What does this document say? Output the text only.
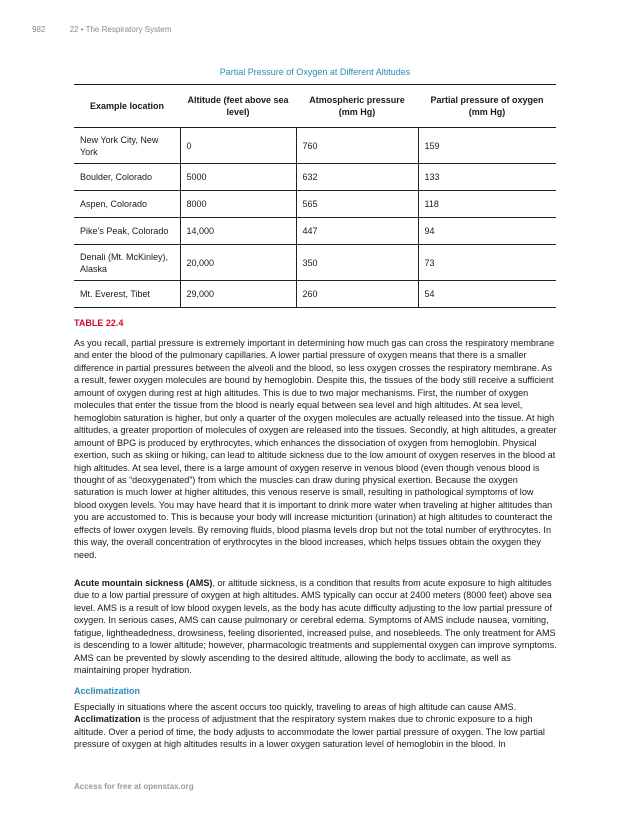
982	22 • The Respiratory System
Partial Pressure of Oxygen at Different Altitudes
Example location	Altitude (feet above sea level)	Atmospheric pressure (mm Hg)	Partial pressure of oxygen (mm Hg)
New York City, New York	0	760	159
Boulder, Colorado	5000	632	133
Aspen, Colorado	8000	565	118
Pike’s Peak, Colorado	14,000	447	94
Denali (Mt. McKinley), Alaska	20,000	350	73
Mt. Everest, Tibet	29,000	260	54
TABLE 22.4

As you recall, partial pressure is extremely important in determining how much gas can cross the respiratory membrane and enter the blood of the pulmonary capillaries. A lower partial pressure of oxygen means that there is a smaller difference in partial pressures between the alveoli and the blood, so less oxygen crosses the respiratory membrane. As a result, fewer oxygen molecules are bound by hemoglobin. Despite this, the tissues of the body still receive a sufficient amount of oxygen during rest at high altitudes. This is due to two major mechanisms. First, the number of oxygen molecules that enter the tissue from the blood is nearly equal between sea level and high altitudes. At sea level, hemoglobin saturation is higher, but only a quarter of the oxygen molecules are actually released into the tissue. At high altitudes, a greater proportion of molecules of oxygen are released into the tissues. Secondly, at high altitudes, a greater amount of BPG is produced by erythrocytes, which enhances the dissociation of oxygen from hemoglobin. Physical exertion, such as skiing or hiking, can lead to altitude sickness due to the low amount of oxygen reserves in the blood at high altitudes. At sea level, there is a large amount of oxygen reserve in venous blood (even though venous blood is thought of as “deoxygenated”) from which the muscles can draw during physical exertion. Because the oxygen saturation is much lower at higher altitudes, this venous reserve is small, resulting in pathological symptoms of low blood oxygen levels. You may have heard that it is important to drink more water when traveling at higher altitudes than you are accustomed to. This is because your body will increase micturition (urination) at high altitudes to counteract the effects of lower oxygen levels. By removing fluids, blood plasma levels drop but not the total number of erythrocytes. In this way, the overall concentration of erythrocytes in the blood increases, which helps tissues obtain the oxygen they need.

Acute mountain sickness (AMS), or altitude sickness, is a condition that results from acute exposure to high altitudes due to a low partial pressure of oxygen at high altitudes. AMS typically can occur at 2400 meters (8000 feet) above sea level. AMS is a result of low blood oxygen levels, as the body has acute difficulty adjusting to the low partial pressure of oxygen. In serious cases, AMS can cause pulmonary or cerebral edema. Symptoms of AMS include nausea, vomiting, fatigue, lightheadedness, drowsiness, feeling disoriented, increased pulse, and nosebleeds. The only treatment for AMS is descending to a lower altitude; however, pharmacologic treatments and supplemental oxygen can improve symptoms. AMS can be prevented by slowly ascending to the desired altitude, allowing the body to acclimate, as well as maintaining proper hydration.

Acclimatization

Especially in situations where the ascent occurs too quickly, traveling to areas of high altitude can cause AMS. Acclimatization is the process of adjustment that the respiratory system makes due to chronic exposure to a high altitude. Over a period of time, the body adjusts to accommodate the lower partial pressure of oxygen. The low partial pressure of oxygen at high altitudes results in a lower oxygen saturation level of hemoglobin in the blood. In

Access for free at openstax.org
